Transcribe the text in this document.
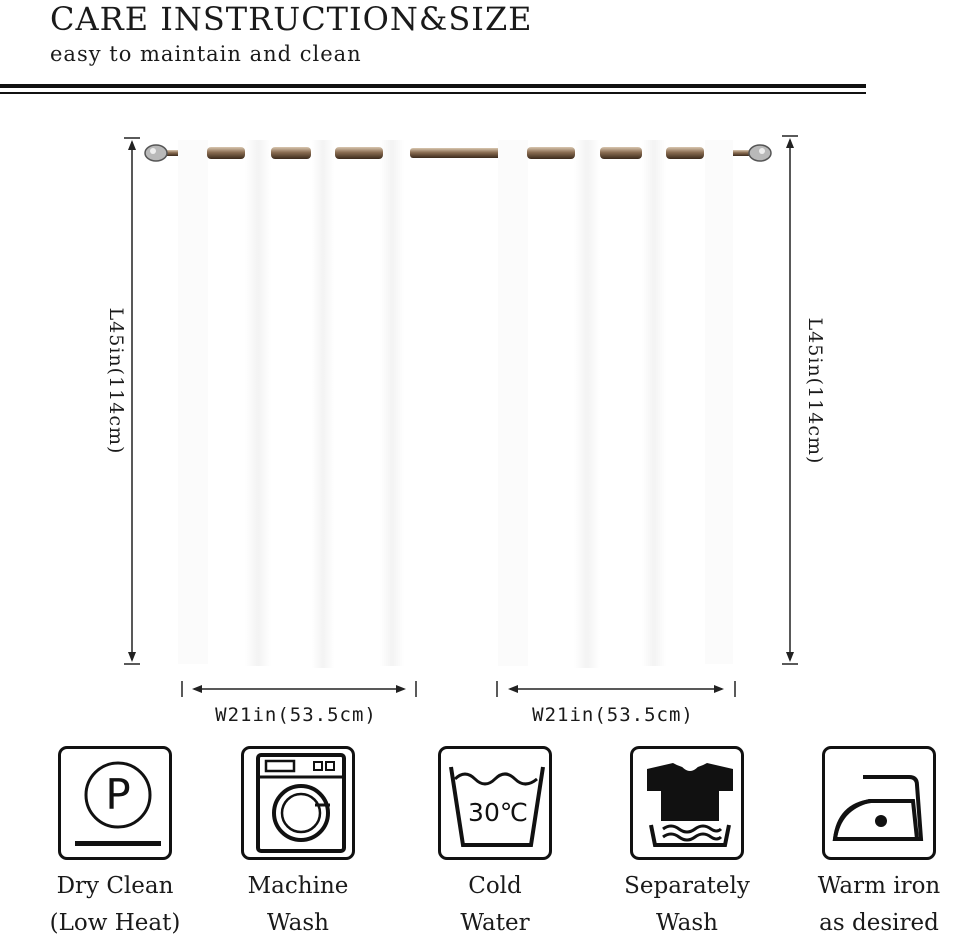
CARE INSTRUCTION&SIZE
easy to maintain and clean
L45in(114cm)	L45in(114cm)
W21in(53.5cm)	W21in(53.5cm)
P
Dry Clean
(Low Heat)
Machine
Wash
30℃
Cold
Water
Separately
Wash
Warm iron
as desired
